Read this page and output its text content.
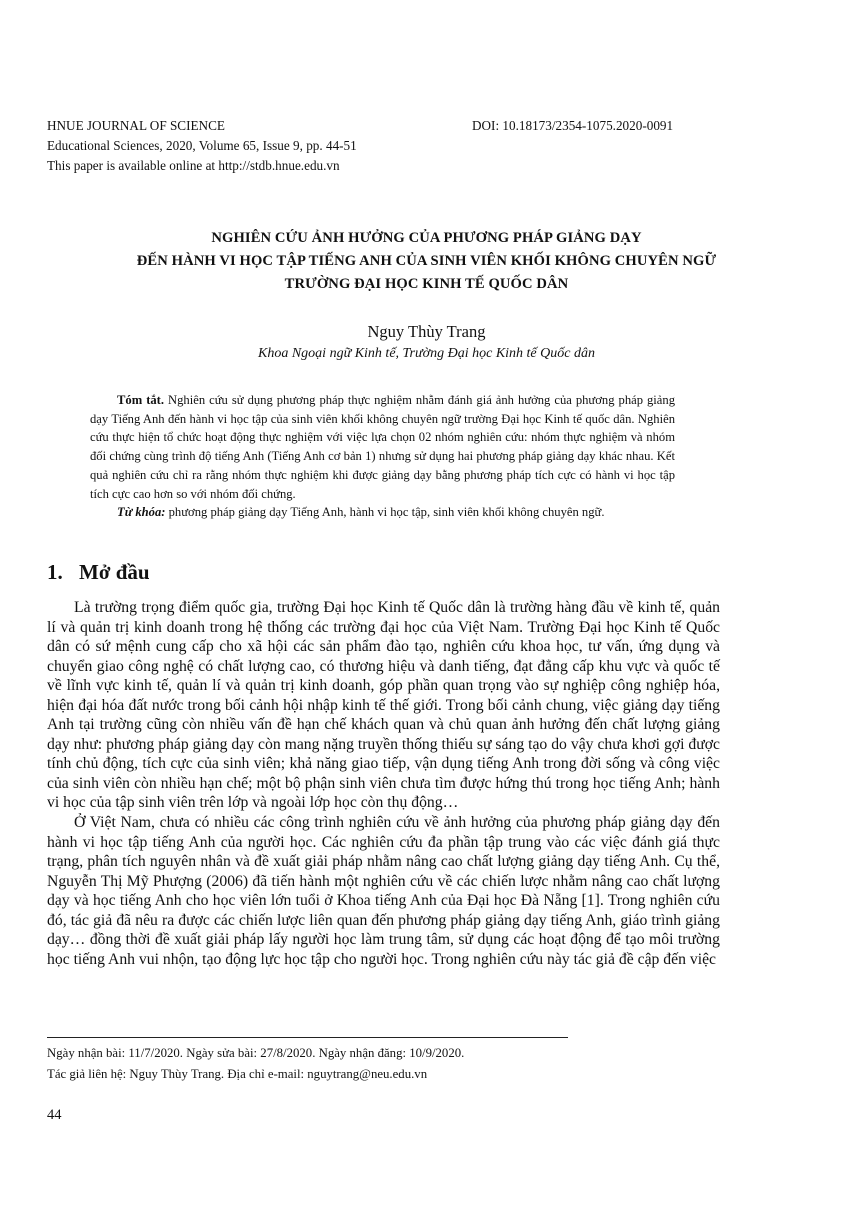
HNUE JOURNAL OF SCIENCE	DOI: 10.18173/2354-1075.2020-0091
Educational Sciences, 2020, Volume 65, Issue 9, pp. 44-51
This paper is available online at http://stdb.hnue.edu.vn
NGHIÊN CỨU ẢNH HƯỞNG CỦA PHƯƠNG PHÁP GIẢNG DẠY
ĐẾN HÀNH VI HỌC TẬP TIẾNG ANH CỦA SINH VIÊN KHỐI KHÔNG CHUYÊN NGỮ
TRƯỜNG ĐẠI HỌC KINH TẾ QUỐC DÂN
Nguy Thùy Trang
Khoa Ngoại ngữ Kinh tế, Trường Đại học Kinh tế Quốc dân

Tóm tắt. Nghiên cứu sử dụng phương pháp thực nghiệm nhằm đánh giá ảnh hưởng của phương pháp giảng dạy Tiếng Anh đến hành vi học tập của sinh viên khối không chuyên ngữ trường Đại học Kinh tế quốc dân. Nghiên cứu thực hiện tổ chức hoạt động thực nghiệm với việc lựa chọn 02 nhóm nghiên cứu: nhóm thực nghiệm và nhóm đối chứng cùng trình độ tiếng Anh (Tiếng Anh cơ bản 1) nhưng sử dụng hai phương pháp giảng dạy khác nhau. Kết quả nghiên cứu chỉ ra rằng nhóm thực nghiệm khi được giảng dạy bằng phương pháp tích cực có hành vi học tập tích cực cao hơn so với nhóm đối chứng.

Từ khóa: phương pháp giảng dạy Tiếng Anh, hành vi học tập, sinh viên khối không chuyên ngữ.

1. Mở đầu

Là trường trọng điểm quốc gia, trường Đại học Kinh tế Quốc dân là trường hàng đầu về kinh tế, quản lí và quản trị kinh doanh trong hệ thống các trường đại học của Việt Nam. Trường Đại học Kinh tế Quốc dân có sứ mệnh cung cấp cho xã hội các sản phẩm đào tạo, nghiên cứu khoa học, tư vấn, ứng dụng và chuyển giao công nghệ có chất lượng cao, có thương hiệu và danh tiếng, đạt đẳng cấp khu vực và quốc tế về lĩnh vực kinh tế, quản lí và quản trị kinh doanh, góp phần quan trọng vào sự nghiệp công nghiệp hóa, hiện đại hóa đất nước trong bối cảnh hội nhập kinh tế thế giới. Trong bối cảnh chung, việc giảng dạy tiếng Anh tại trường cũng còn nhiều vấn đề hạn chế khách quan và chủ quan ảnh hưởng đến chất lượng giảng dạy như: phương pháp giảng dạy còn mang nặng truyền thống thiếu sự sáng tạo do vậy chưa khơi gợi được tính chủ động, tích cực của sinh viên; khả năng giao tiếp, vận dụng tiếng Anh trong đời sống và công việc của sinh viên còn nhiều hạn chế; một bộ phận sinh viên chưa tìm được hứng thú trong học tiếng Anh; hành vi học của tập sinh viên trên lớp và ngoài lớp học còn thụ động…

Ở Việt Nam, chưa có nhiều các công trình nghiên cứu về ảnh hưởng của phương pháp giảng dạy đến hành vi học tập tiếng Anh của người học. Các nghiên cứu đa phần tập trung vào các việc đánh giá thực trạng, phân tích nguyên nhân và đề xuất giải pháp nhằm nâng cao chất lượng giảng dạy tiếng Anh. Cụ thể, Nguyễn Thị Mỹ Phượng (2006) đã tiến hành một nghiên cứu về các chiến lược nhằm nâng cao chất lượng dạy và học tiếng Anh cho học viên lớn tuổi ở Khoa tiếng Anh của Đại học Đà Nẵng [1]. Trong nghiên cứu đó, tác giả đã nêu ra được các chiến lược liên quan đến phương pháp giảng dạy tiếng Anh, giáo trình giảng dạy… đồng thời đề xuất giải pháp lấy người học làm trung tâm, sử dụng các hoạt động để tạo môi trường học tiếng Anh vui nhộn, tạo động lực học tập cho người học. Trong nghiên cứu này tác giả đề cập đến việc

Ngày nhận bài: 11/7/2020. Ngày sửa bài: 27/8/2020. Ngày nhận đăng: 10/9/2020.
Tác giả liên hệ: Nguy Thùy Trang. Địa chỉ e-mail: nguytrang@neu.edu.vn
44
